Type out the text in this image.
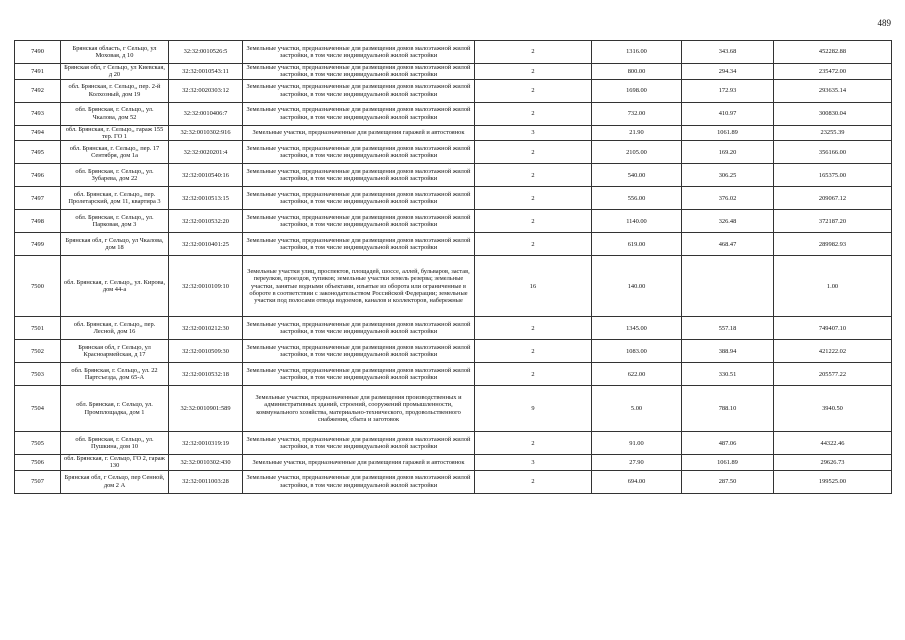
489
7490	Брянская область, г Сельцо, ул Моховая, д 10	32:32:0010526:5	Земельные участки, предназначенные для размещения домов малоэтажной жилой застройки, в том числе индивидуальной жилой застройки	2	1316.00	343.68	452282.88
7491	Брянская обл, г Сельцо, ул Киевская, д 20	32:32:0010543:11	Земельные участки, предназначенные для размещения домов малоэтажной жилой застройки, в том числе индивидуальной жилой застройки	2	800.00	294.34	235472.00
7492	обл. Брянская, г. Сельцо,, пер. 2-й Колхозный, дом 19	32:32:0020303:12	Земельные участки, предназначенные для размещения домов малоэтажной жилой застройки, в том числе индивидуальной жилой застройки	2	1698.00	172.93	293635.14
7493	обл. Брянская, г. Сельцо,, ул. Чкалова, дом 52	32:32:0010406:7	Земельные участки, предназначенные для размещения домов малоэтажной жилой застройки, в том числе индивидуальной жилой застройки	2	732.00	410.97	300830.04
7494	обл. Брянская, г. Сельцо,, гараж 155 тер. ГО 1	32:32:0010302:916	Земельные участки, предназначенные для размещения гаражей и автостоянок	3	21.90	1061.89	23255.39
7495	обл. Брянская, г. Сельцо,, пер. 17 Сентября, дом 1а	32:32:0020201:4	Земельные участки, предназначенные для размещения домов малоэтажной жилой застройки, в том числе индивидуальной жилой застройки	2	2105.00	169.20	356166.00
7496	обл. Брянская, г. Сельцо,, ул. Зубарева, дом 22	32:32:0010540:16	Земельные участки, предназначенные для размещения домов малоэтажной жилой застройки, в том числе индивидуальной жилой застройки	2	540.00	306.25	165375.00
7497	обл. Брянская, г. Сельцо,, пер. Пролетарский, дом 11, квартира 3	32:32:0010513:15	Земельные участки, предназначенные для размещения домов малоэтажной жилой застройки, в том числе индивидуальной жилой застройки	2	556.00	376.02	209067.12
7498	обл. Брянская, г. Сельцо,, ул. Парковая, дом 3	32:32:0010532:20	Земельные участки, предназначенные для размещения домов малоэтажной жилой застройки, в том числе индивидуальной жилой застройки	2	1140.00	326.48	372187.20
7499	Брянская обл, г Сельцо, ул Чкалова, дом 18	32:32:0010401:25	Земельные участки, предназначенные для размещения домов малоэтажной жилой застройки, в том числе индивидуальной жилой застройки	2	619.00	468.47	289982.93
7500	обл. Брянская, г. Сельцо,, ул. Кирова, дом 44-а	32:32:0010109:10	Земельные участки улиц, проспектов, площадей, шоссе, аллей, бульваров, застав, переулков, проездов, тупиков; земельные участки земель резерва; земельные участки, занятые водными объектами, изъятые из оборота или ограниченные в обороте в соответствии с законодательством Российской Федерации; земельные участки под полосами отвода водоемов, каналов и коллекторов, набережные	16	140.00		1.00
7501	обл. Брянская, г. Сельцо,, пер. Лесной, дом 16	32:32:0010212:30	Земельные участки, предназначенные для размещения домов малоэтажной жилой застройки, в том числе индивидуальной жилой застройки	2	1345.00	557.18	749407.10
7502	Брянская обл, г Сельцо, ул Красноармейская, д 17	32:32:0010509:30	Земельные участки, предназначенные для размещения домов малоэтажной жилой застройки, в том числе индивидуальной жилой застройки	2	1083.00	388.94	421222.02
7503	обл. Брянская, г. Сельцо,, ул. 22 Партсъезда, дом 65-А	32:32:0010532:18	Земельные участки, предназначенные для размещения домов малоэтажной жилой застройки, в том числе индивидуальной жилой застройки	2	622.00	330.51	205577.22
7504	обл. Брянская, г. Сельцо, ул. Промплощадка, дом 1	32:32:0010901:589	Земельные участки, предназначенные для размещения производственных и административных зданий, строений, сооружений промышленности, коммунального хозяйства, материально-технического, продовольственного снабжения, сбыта и заготовок	9	5.00	788.10	3940.50
7505	обл. Брянская, г. Сельцо,, ул. Пушкина, дом 10	32:32:0010319:19	Земельные участки, предназначенные для размещения домов малоэтажной жилой застройки, в том числе индивидуальной жилой застройки	2	91.00	487.06	44322.46
7506	обл. Брянская, г. Сельцо, ГО 2, гараж 130	32:32:0010302:430	Земельные участки, предназначенные для размещения гаражей и автостоянок	3	27.90	1061.89	29626.73
7507	Брянская обл, г Сельцо, пер Сенной, дом 2 А	32:32:0011003:28	Земельные участки, предназначенные для размещения домов малоэтажной жилой застройки, в том числе индивидуальной жилой застройки	2	694.00	287.50	199525.00
